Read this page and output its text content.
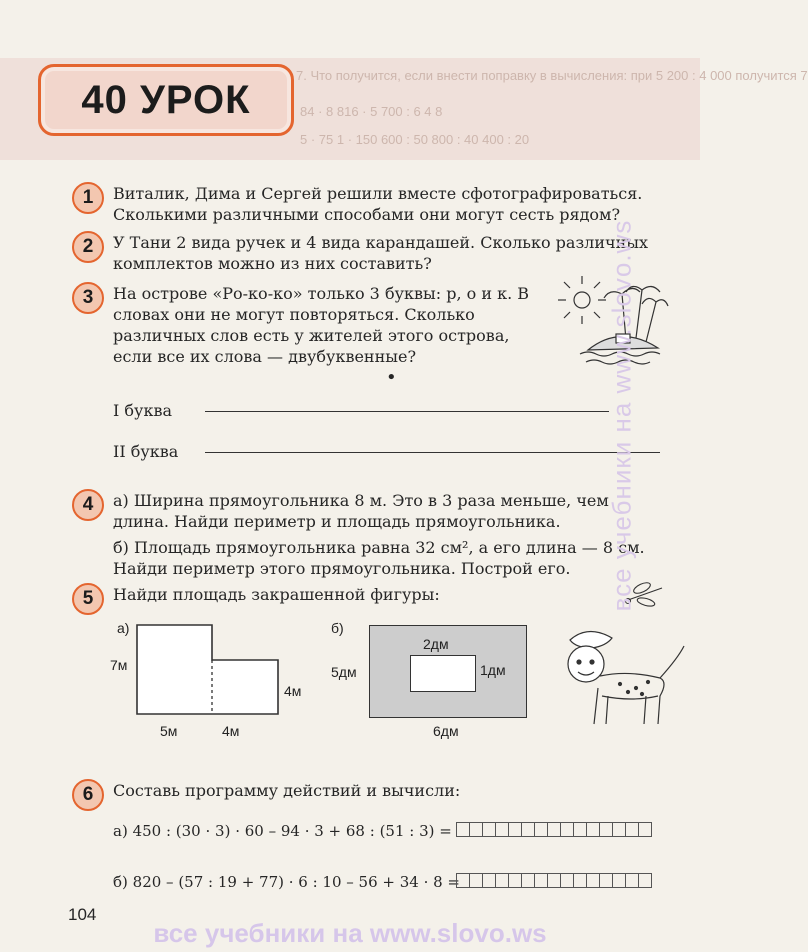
7. Что получится, если внести поправку в вычисления: при 5 200 : 4 000 получится 7
84 · 8 816 · 5 700 : 6 4 8
5 · 75 1 · 150 600 : 50 800 : 40 400 : 20
40 УРОК
1	Виталик, Дима и Сергей решили вместе сфотографироваться.
Сколькими различными способами они могут сесть рядом?
2	У Тани 2 вида ручек и 4 вида карандашей. Сколько различных
комплектов можно из них составить?
3	На острове «Ро-ко-ко» только 3 буквы: р, о и к. В
словах они не могут повторяться. Сколько
различных слов есть у жителей этого острова,
если все их слова — двубуквенные?
•
I буква
II буква
4	а) Ширина прямоугольника 8 м. Это в 3 раза меньше, чем
длина. Найди периметр и площадь прямоугольника.
б) Площадь прямоугольника равна 32 см², а его длина — 8 см.
Найди периметр этого прямоугольника. Построй его.
5	Найди площадь закрашенной фигуры:
а)
7м
4м
5м	4м
б)
2дм
1дм
5дм
6дм
6	Составь программу действий и вычисли:
а) 450 : (30 · 3) · 60 – 94 · 3 + 68 : (51 : 3) =
б) 820 – (57 : 19 + 77) · 6 : 10 – 56 + 34 · 8 =
104
все учебники на www.slovo.ws
все учебники на www.slovo.ws
